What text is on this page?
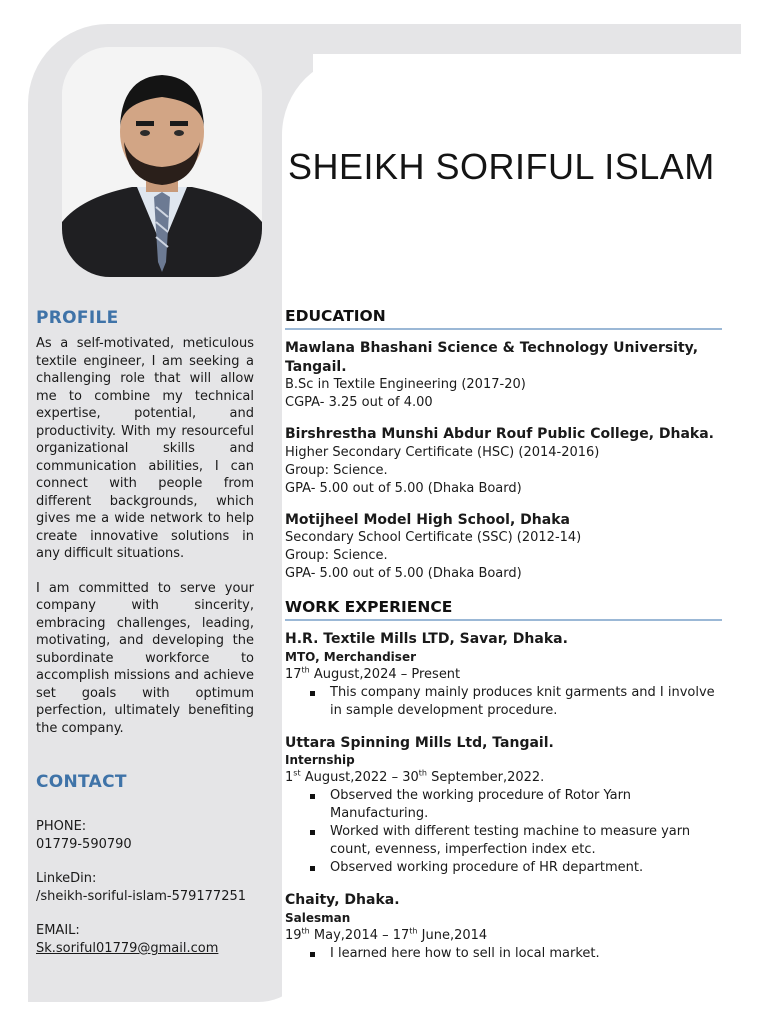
SHEIKH SORIFUL ISLAM
PROFILE

As a self-motivated, meticulous textile engineer, I am seeking a challenging role that will allow me to combine my technical expertise, potential, and productivity. With my resourceful organizational skills and communication abilities, I can connect with people from different backgrounds, which gives me a wide network to help create innovative solutions in any difficult situations.

I am committed to serve your company with sincerity, embracing challenges, leading, motivating, and developing the subordinate workforce to accomplish missions and achieve set goals with optimum perfection, ultimately benefiting the company.

CONTACT

PHONE:

01779-590790

LinkeDin:

/sheikh-soriful-islam-579177251

EMAIL:

Sk.soriful01779@gmail.com

EDUCATION

Mawlana Bhashani Science & Technology University, Tangail.

B.Sc in Textile Engineering (2017-20)

CGPA- 3.25 out of 4.00

Birshrestha Munshi Abdur Rouf Public College, Dhaka.

Higher Secondary Certificate (HSC) (2014-2016)

Group: Science.

GPA- 5.00 out of 5.00 (Dhaka Board)

Motijheel Model High School, Dhaka

Secondary School Certificate (SSC) (2012-14)

Group: Science.

GPA- 5.00 out of 5.00 (Dhaka Board)

WORK EXPERIENCE

H.R. Textile Mills LTD, Savar, Dhaka.

MTO, Merchandiser

17th August,2024 – Present

This company mainly produces knit garments and I involve in sample development procedure.

Uttara Spinning Mills Ltd, Tangail.

Internship

1st August,2022 – 30th September,2022.

Observed the working procedure of Rotor Yarn Manufacturing.
Worked with different testing machine to measure yarn count, evenness, imperfection index etc.
Observed working procedure of HR department.

Chaity, Dhaka.

Salesman

19th May,2014 – 17th June,2014

I learned here how to sell in local market.
